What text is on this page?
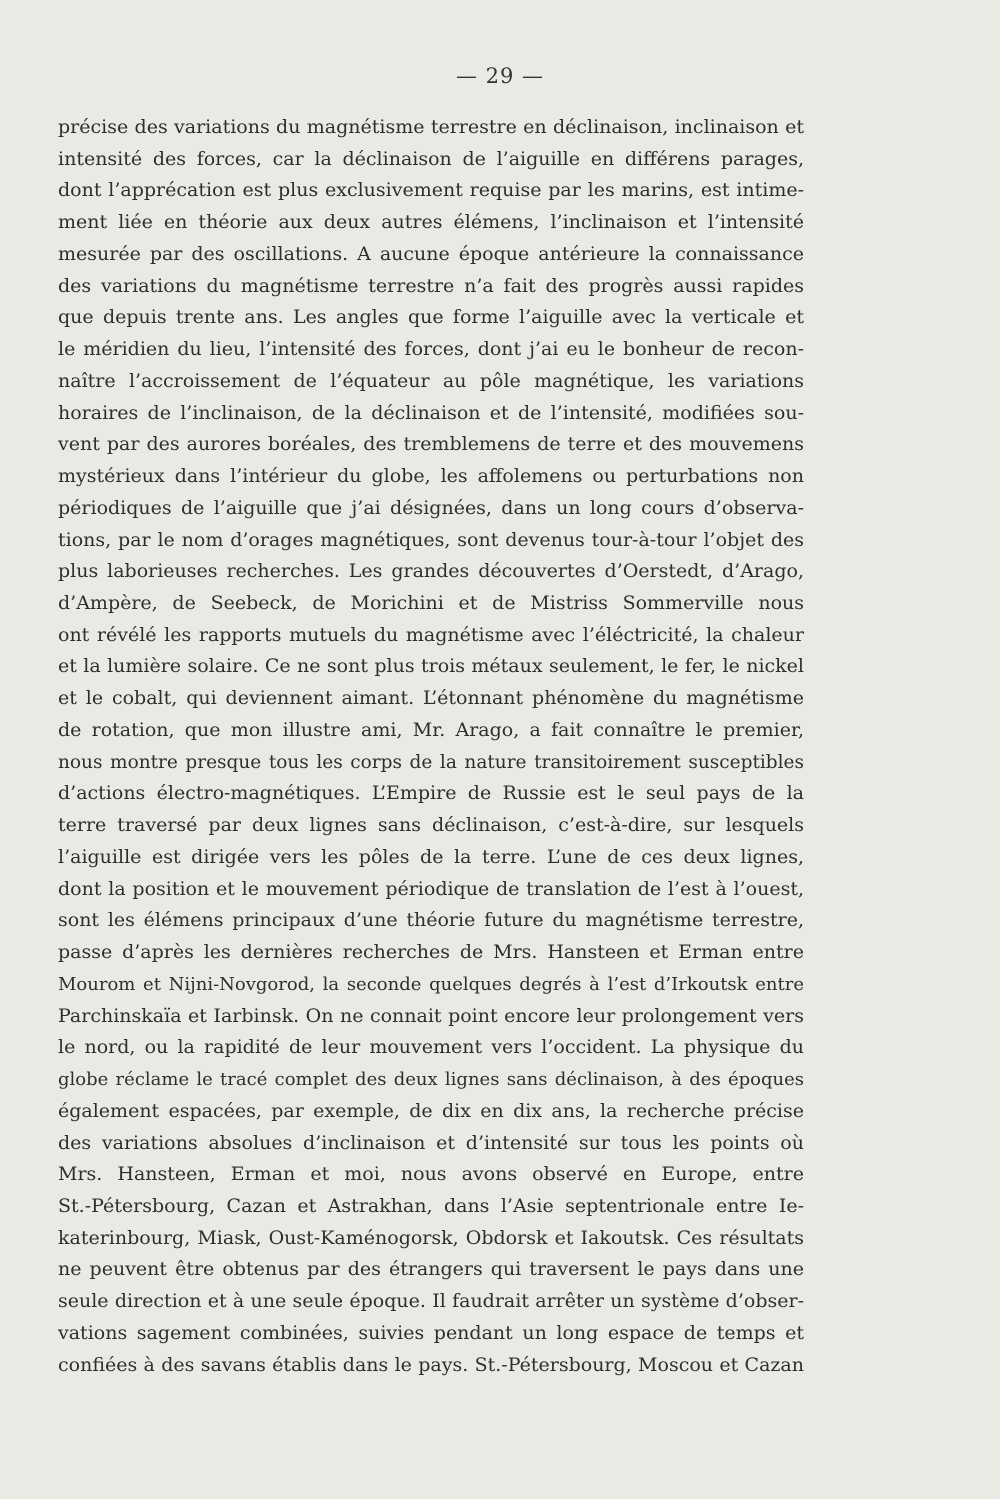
— 29 —
précise des variations du magnétisme terrestre en déclinaison, inclinaison et
intensité des forces, car la déclinaison de l’aiguille en différens parages,
dont l’apprécation est plus exclusivement requise par les marins, est intime-
ment liée en théorie aux deux autres élémens, l’inclinaison et l’intensité
mesurée par des oscillations. A aucune époque antérieure la connaissance
des variations du magnétisme terrestre n’a fait des progrès aussi rapides
que depuis trente ans. Les angles que forme l’aiguille avec la verticale et
le méridien du lieu, l’intensité des forces, dont j’ai eu le bonheur de recon-
naître l’accroissement de l’équateur au pôle magnétique, les variations
horaires de l’inclinaison, de la déclinaison et de l’intensité, modifiées sou-
vent par des aurores boréales, des tremblemens de terre et des mouvemens
mystérieux dans l’intérieur du globe, les affolemens ou perturbations non
périodiques de l’aiguille que j’ai désignées, dans un long cours d’observa-
tions, par le nom d’orages magnétiques, sont devenus tour-à-tour l’objet des
plus laborieuses recherches. Les grandes découvertes d’Oerstedt, d’Arago,
d’Ampère, de Seebeck, de Morichini et de Mistriss Sommerville nous
ont révélé les rapports mutuels du magnétisme avec l’éléctricité, la chaleur
et la lumière solaire. Ce ne sont plus trois métaux seulement, le fer, le nickel
et le cobalt, qui deviennent aimant. L’étonnant phénomène du magnétisme
de rotation, que mon illustre ami, Mr. Arago, a fait connaître le premier,
nous montre presque tous les corps de la nature transitoirement susceptibles
d’actions électro-magnétiques. L’Empire de Russie est le seul pays de la
terre traversé par deux lignes sans déclinaison, c’est-à-dire, sur lesquels
l’aiguille est dirigée vers les pôles de la terre. L’une de ces deux lignes,
dont la position et le mouvement périodique de translation de l’est à l’ouest,
sont les élémens principaux d’une théorie future du magnétisme terrestre,
passe d’après les dernières recherches de Mrs. Hansteen et Erman entre
Mourom et Nijni-Novgorod, la seconde quelques degrés à l’est d’Irkoutsk entre
Parchinskaïa et Iarbinsk. On ne connait point encore leur prolongement vers
le nord, ou la rapidité de leur mouvement vers l’occident. La physique du
globe réclame le tracé complet des deux lignes sans déclinaison, à des époques
également espacées, par exemple, de dix en dix ans, la recherche précise
des variations absolues d’inclinaison et d’intensité sur tous les points où
Mrs. Hansteen, Erman et moi, nous avons observé en Europe, entre
St.-Pétersbourg, Cazan et Astrakhan, dans l’Asie septentrionale entre Ie-
katerinbourg, Miask, Oust-Kaménogorsk, Obdorsk et Iakoutsk. Ces résultats
ne peuvent être obtenus par des étrangers qui traversent le pays dans une
seule direction et à une seule époque. Il faudrait arrêter un système d’obser-
vations sagement combinées, suivies pendant un long espace de temps et
confiées à des savans établis dans le pays. St.-Pétersbourg, Moscou et Cazan
